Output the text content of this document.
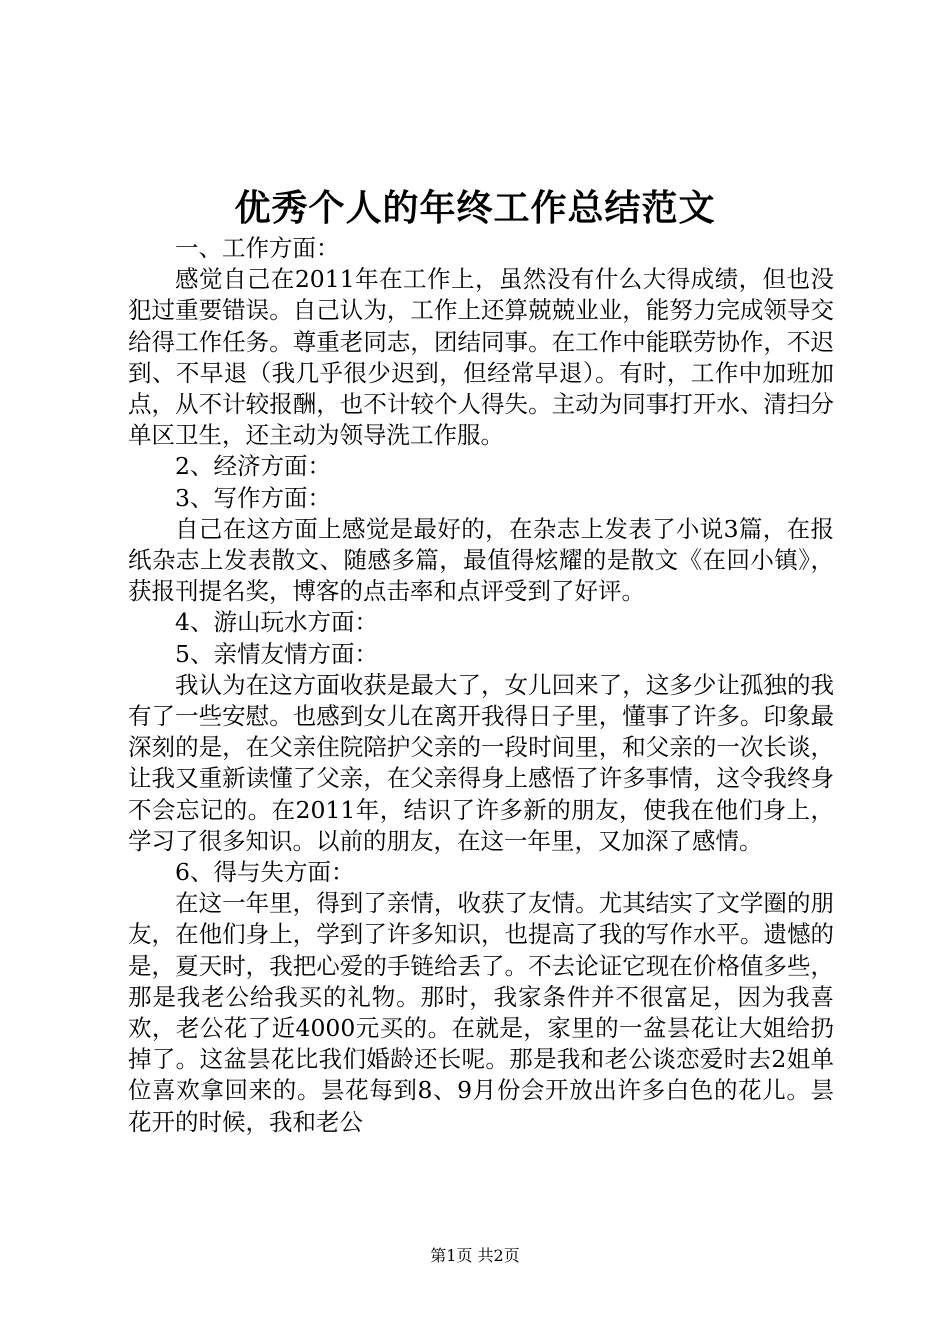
优秀个人的年终工作总结范文

一、工作方面：

感觉自己在2011年在工作上，虽然没有什么大得成绩，但也没犯过重要错误。自己认为，工作上还算兢兢业业，能努力完成领导交给得工作任务。尊重老同志，团结同事。在工作中能联劳协作，不迟到、不早退（我几乎很少迟到，但经常早退）。有时，工作中加班加点，从不计较报酬，也不计较个人得失。主动为同事打开水、清扫分单区卫生，还主动为领导洗工作服。

2、经济方面：

3、写作方面：

自己在这方面上感觉是最好的，在杂志上发表了小说3篇，在报纸杂志上发表散文、随感多篇，最值得炫耀的是散文《在回小镇》，获报刊提名奖，博客的点击率和点评受到了好评。

4、游山玩水方面：

5、亲情友情方面：

我认为在这方面收获是最大了，女儿回来了，这多少让孤独的我有了一些安慰。也感到女儿在离开我得日子里，懂事了许多。印象最深刻的是，在父亲住院陪护父亲的一段时间里，和父亲的一次长谈，让我又重新读懂了父亲，在父亲得身上感悟了许多事情，这令我终身不会忘记的。在2011年，结识了许多新的朋友，使我在他们身上，学习了很多知识。以前的朋友，在这一年里，又加深了感情。

6、得与失方面：

在这一年里，得到了亲情，收获了友情。尤其结实了文学圈的朋友，在他们身上，学到了许多知识，也提高了我的写作水平。遗憾的是，夏天时，我把心爱的手链给丢了。不去论证它现在价格值多些，那是我老公给我买的礼物。那时，我家条件并不很富足，因为我喜欢，老公花了近4000元买的。在就是，家里的一盆昙花让大姐给扔掉了。这盆昙花比我们婚龄还长呢。那是我和老公谈恋爱时去2姐单位喜欢拿回来的。昙花每到8、9月份会开放出许多白色的花儿。昙花开的时候，我和老公

第1页 共2页
